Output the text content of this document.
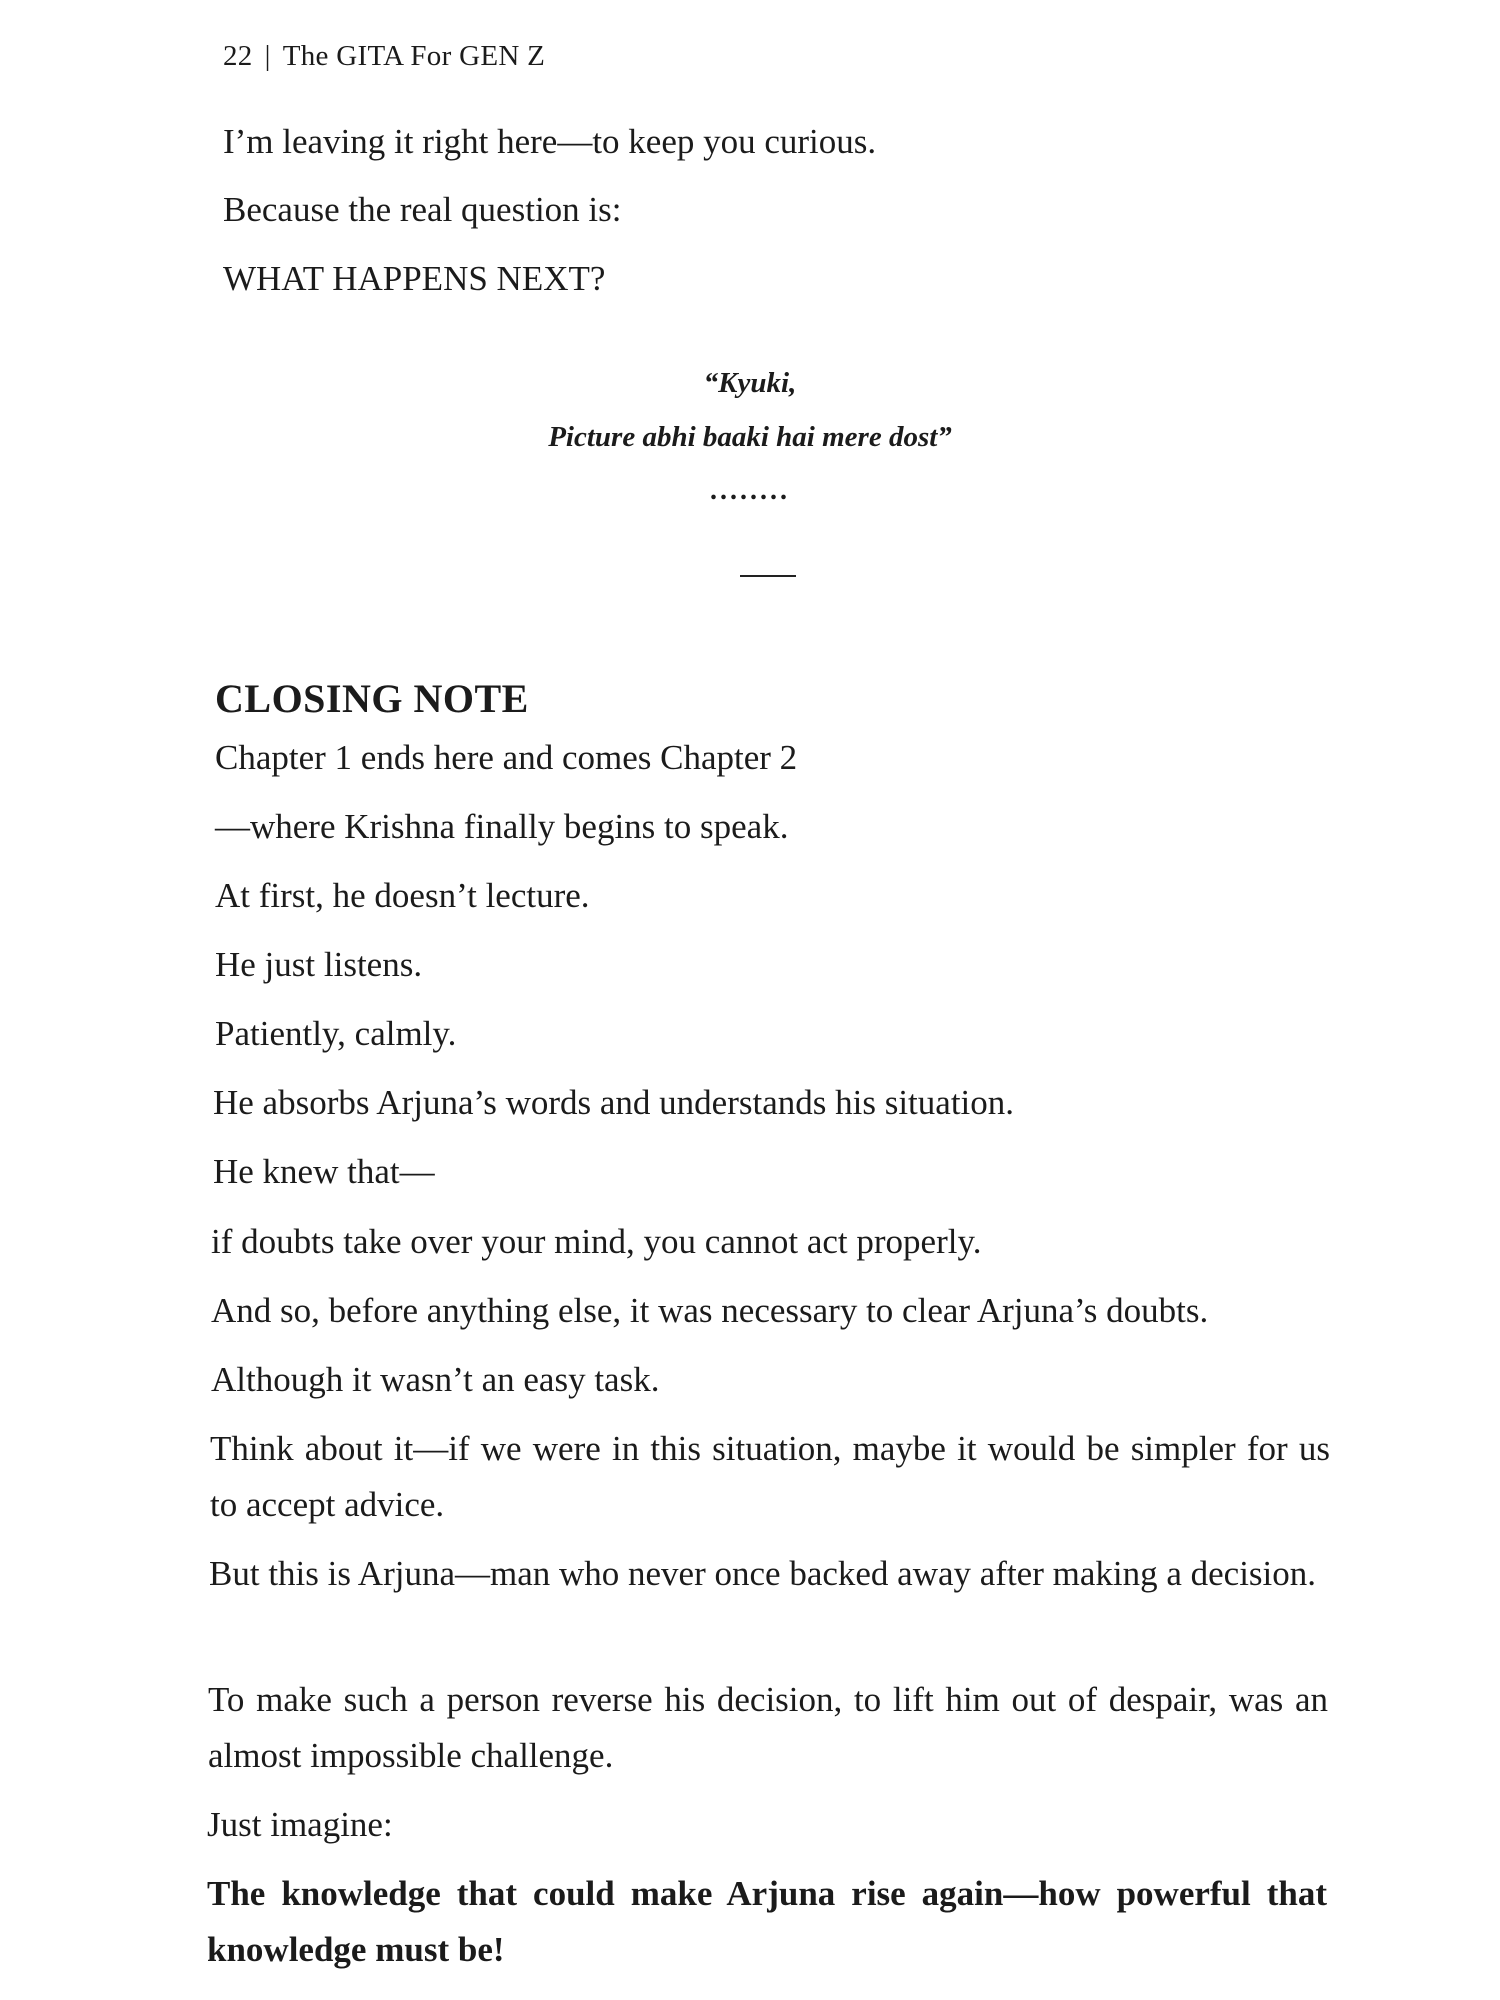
22 | The GITA For GEN Z
I’m leaving it right here—to keep you curious.
Because the real question is:
WHAT HAPPENS NEXT?
“Kyuki,
Picture abhi baaki hai mere dost”
........
CLOSING NOTE
Chapter 1 ends here and comes Chapter 2
—where Krishna finally begins to speak.
At first, he doesn’t lecture.
He just listens.
Patiently, calmly.
He absorbs Arjuna’s words and understands his situation.
He knew that—
if doubts take over your mind, you cannot act properly.
And so, before anything else, it was necessary to clear Arjuna’s doubts.
Although it wasn’t an easy task.
Think about it—if we were in this situation, maybe it would be simpler for us to accept advice.
But this is Arjuna—man who never once backed away after making a decision.
To make such a person reverse his decision, to lift him out of despair, was an almost impossible challenge.
Just imagine:
The knowledge that could make Arjuna rise again—how powerful that knowledge must be!
